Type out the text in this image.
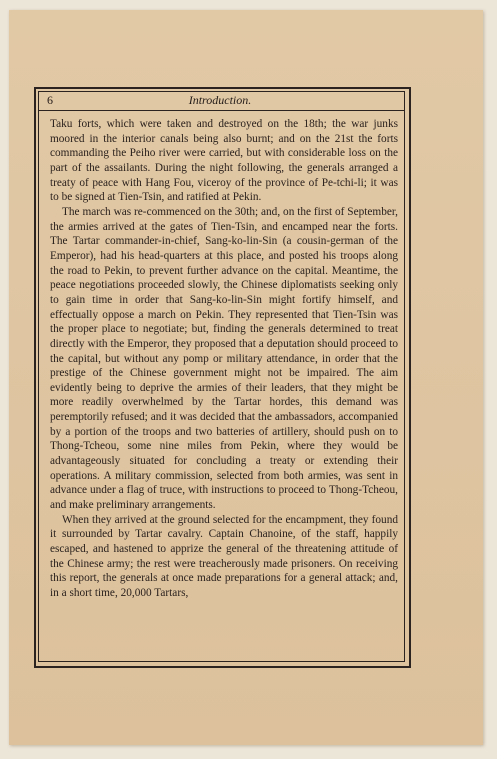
6	Introduction.

Taku forts, which were taken and destroyed on the 18th; the war junks moored in the interior canals being also burnt; and on the 21st the forts commanding the Peiho river were carried, but with considerable loss on the part of the assailants. During the night following, the generals arranged a treaty of peace with Hang Fou, viceroy of the province of Pe-tchi-li; it was to be signed at Tien-Tsin, and ratified at Pekin.

The march was re-commenced on the 30th; and, on the first of September, the armies arrived at the gates of Tien-Tsin, and encamped near the forts. The Tartar commander-in-chief, Sang-ko-lin-Sin (a cousin-german of the Emperor), had his head-quarters at this place, and posted his troops along the road to Pekin, to prevent further advance on the capital. Meantime, the peace negotiations proceeded slowly, the Chinese diplomatists seeking only to gain time in order that Sang-ko-lin-Sin might fortify himself, and effectually oppose a march on Pekin. They represented that Tien-Tsin was the proper place to negotiate; but, finding the generals determined to treat directly with the Emperor, they proposed that a deputation should proceed to the capital, but without any pomp or military attendance, in order that the prestige of the Chinese government might not be impaired. The aim evidently being to deprive the armies of their leaders, that they might be more readily overwhelmed by the Tartar hordes, this demand was peremptorily refused; and it was decided that the ambassadors, accompanied by a portion of the troops and two batteries of artillery, should push on to Thong-Tcheou, some nine miles from Pekin, where they would be advantageously situated for concluding a treaty or extending their operations. A military commission, selected from both armies, was sent in advance under a flag of truce, with instructions to proceed to Thong-Tcheou, and make preliminary arrangements.

When they arrived at the ground selected for the encampment, they found it surrounded by Tartar cavalry. Captain Chanoine, of the staff, happily escaped, and hastened to apprize the general of the threatening attitude of the Chinese army; the rest were treacherously made prisoners. On receiving this report, the generals at once made preparations for a general attack; and, in a short time, 20,000 Tartars,
